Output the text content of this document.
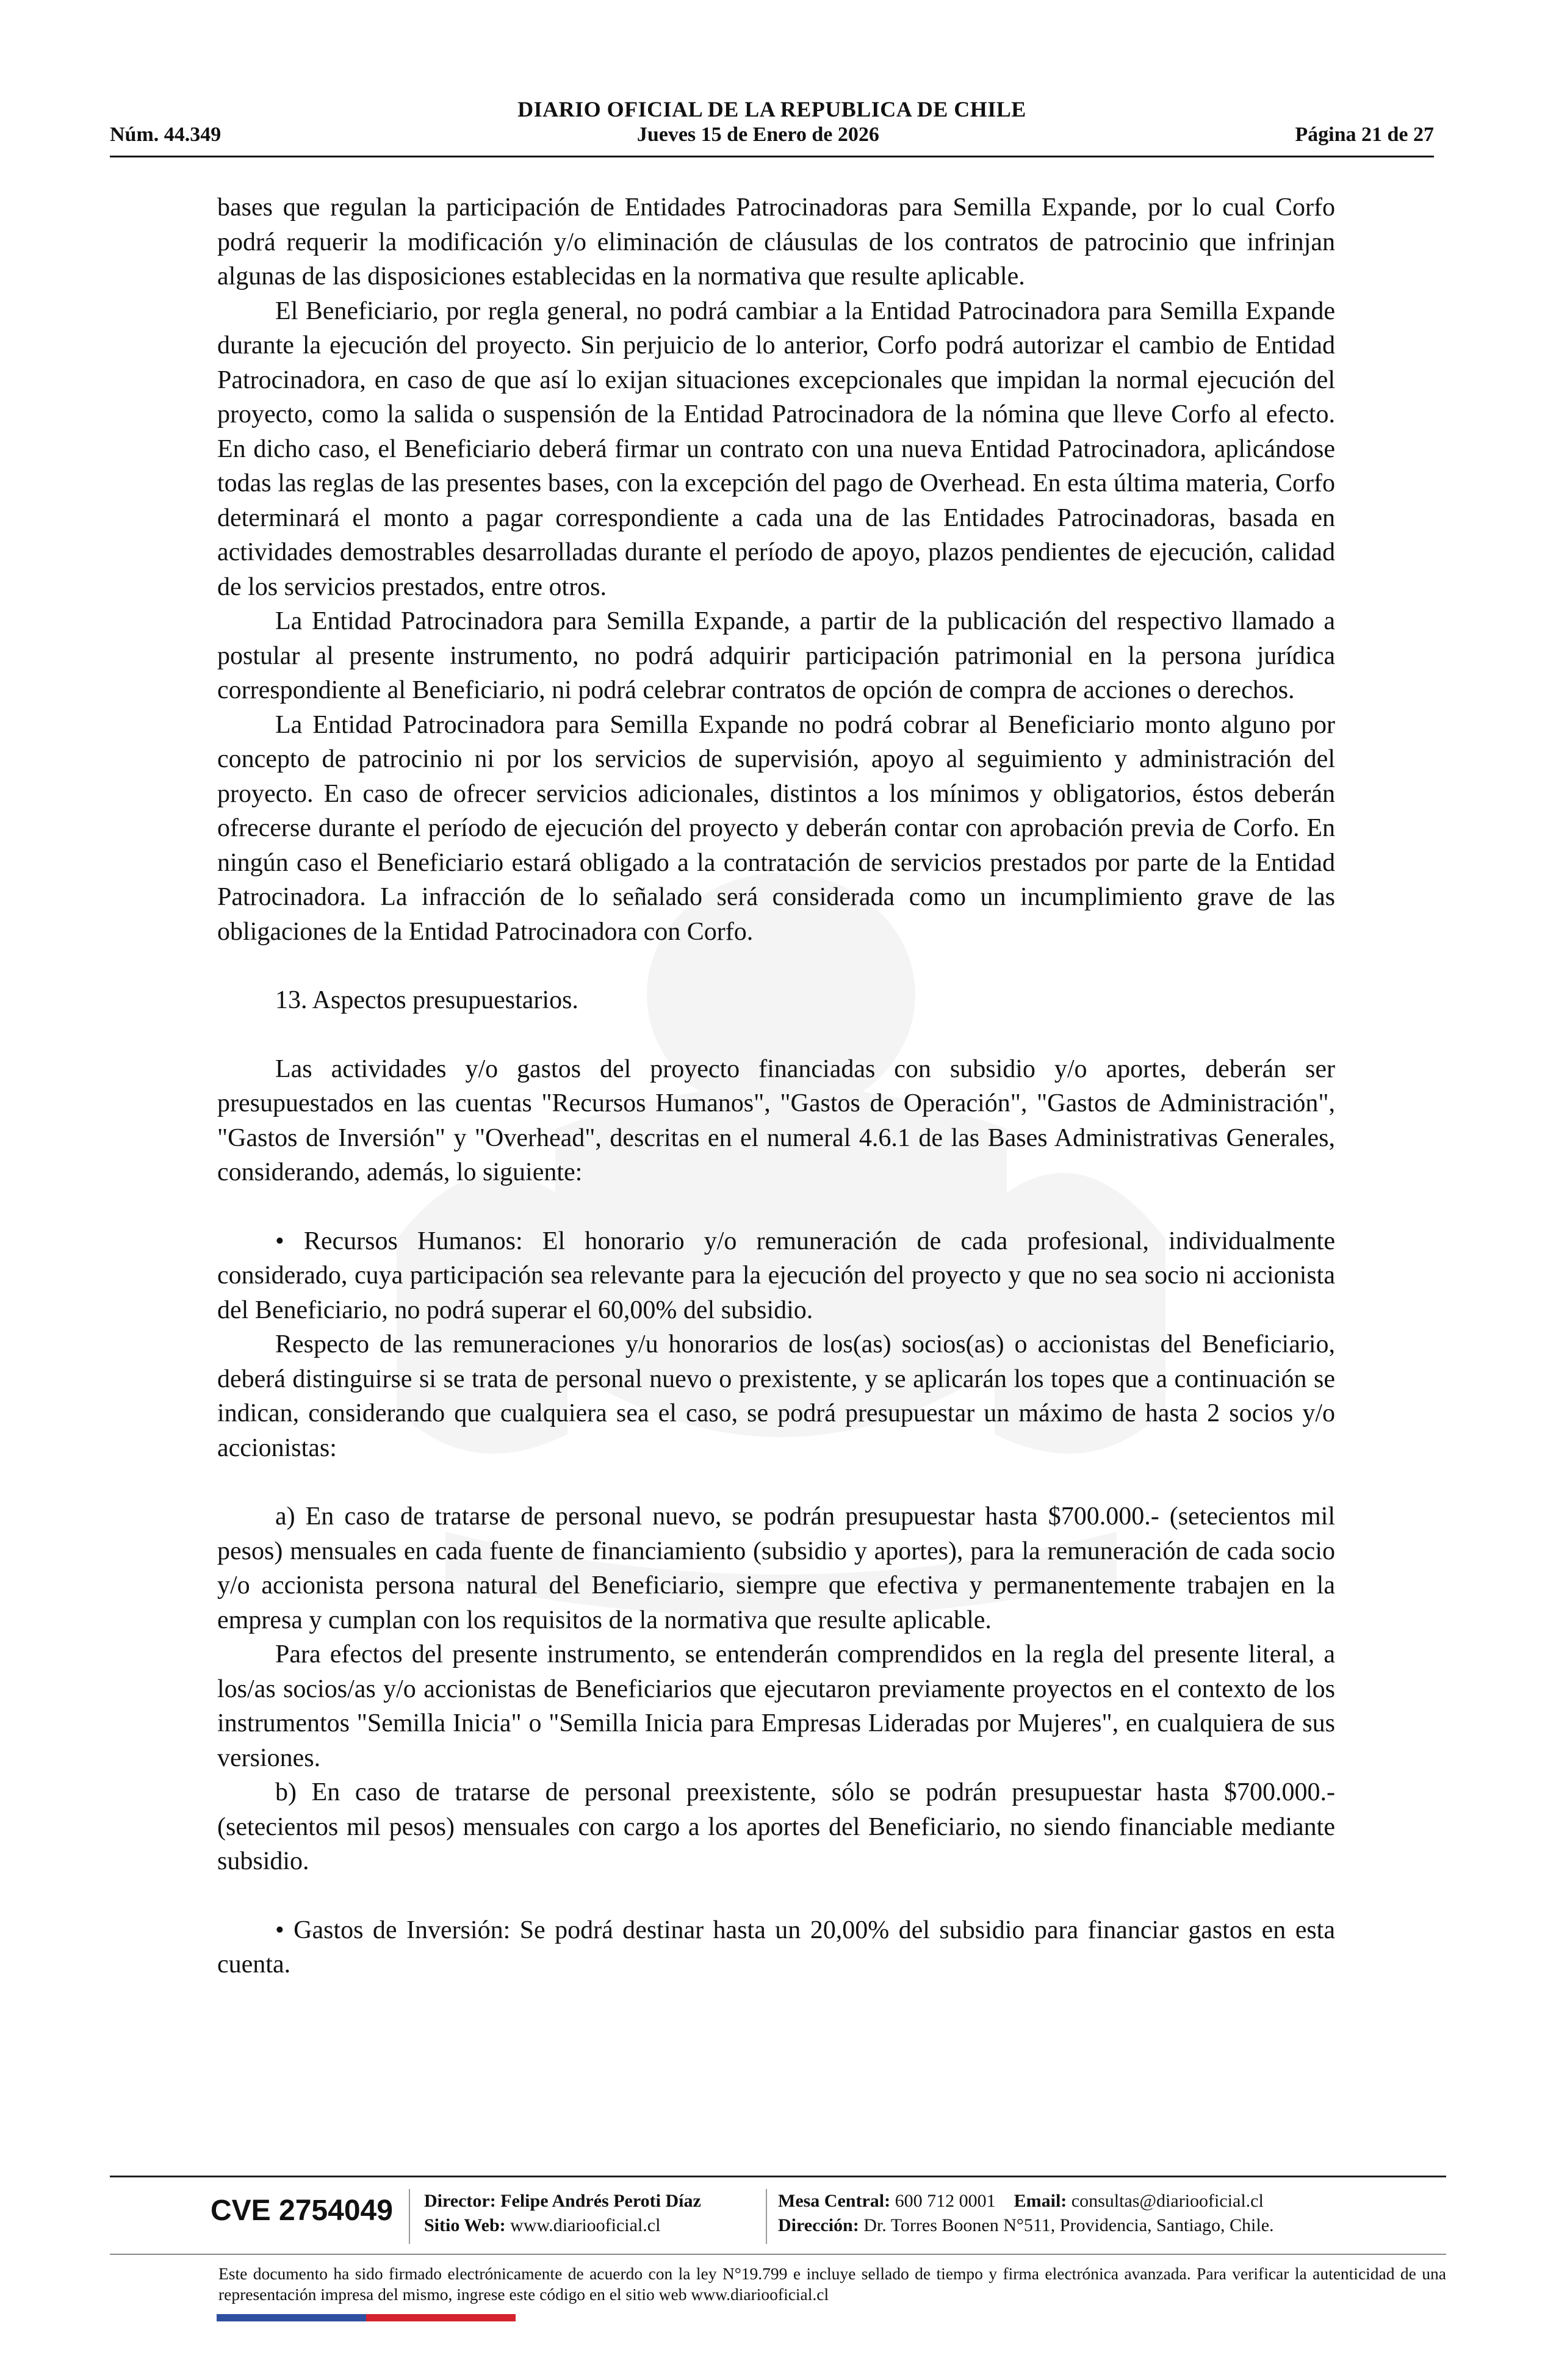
DIARIO OFICIAL DE LA REPUBLICA DE CHILE
Núm. 44.349	Jueves 15 de Enero de 2026	Página 21 de 27

bases que regulan la participación de Entidades Patrocinadoras para Semilla Expande, por lo cual Corfo podrá requerir la modificación y/o eliminación de cláusulas de los contratos de patrocinio que infrinjan algunas de las disposiciones establecidas en la normativa que resulte aplicable.

El Beneficiario, por regla general, no podrá cambiar a la Entidad Patrocinadora para Semilla Expande durante la ejecución del proyecto. Sin perjuicio de lo anterior, Corfo podrá autorizar el cambio de Entidad Patrocinadora, en caso de que así lo exijan situaciones excepcionales que impidan la normal ejecución del proyecto, como la salida o suspensión de la Entidad Patrocinadora de la nómina que lleve Corfo al efecto. En dicho caso, el Beneficiario deberá firmar un contrato con una nueva Entidad Patrocinadora, aplicándose todas las reglas de las presentes bases, con la excepción del pago de Overhead. En esta última materia, Corfo determinará el monto a pagar correspondiente a cada una de las Entidades Patrocinadoras, basada en actividades demostrables desarrolladas durante el período de apoyo, plazos pendientes de ejecución, calidad de los servicios prestados, entre otros.

La Entidad Patrocinadora para Semilla Expande, a partir de la publicación del respectivo llamado a postular al presente instrumento, no podrá adquirir participación patrimonial en la persona jurídica correspondiente al Beneficiario, ni podrá celebrar contratos de opción de compra de acciones o derechos.

La Entidad Patrocinadora para Semilla Expande no podrá cobrar al Beneficiario monto alguno por concepto de patrocinio ni por los servicios de supervisión, apoyo al seguimiento y administración del proyecto. En caso de ofrecer servicios adicionales, distintos a los mínimos y obligatorios, éstos deberán ofrecerse durante el período de ejecución del proyecto y deberán contar con aprobación previa de Corfo. En ningún caso el Beneficiario estará obligado a la contratación de servicios prestados por parte de la Entidad Patrocinadora. La infracción de lo señalado será considerada como un incumplimiento grave de las obligaciones de la Entidad Patrocinadora con Corfo.

13. Aspectos presupuestarios.

Las actividades y/o gastos del proyecto financiadas con subsidio y/o aportes, deberán ser presupuestados en las cuentas "Recursos Humanos", "Gastos de Operación", "Gastos de Administración", "Gastos de Inversión" y "Overhead", descritas en el numeral 4.6.1 de las Bases Administrativas Generales, considerando, además, lo siguiente:

• Recursos Humanos: El honorario y/o remuneración de cada profesional, individualmente considerado, cuya participación sea relevante para la ejecución del proyecto y que no sea socio ni accionista del Beneficiario, no podrá superar el 60,00% del subsidio.

Respecto de las remuneraciones y/u honorarios de los(as) socios(as) o accionistas del Beneficiario, deberá distinguirse si se trata de personal nuevo o prexistente, y se aplicarán los topes que a continuación se indican, considerando que cualquiera sea el caso, se podrá presupuestar un máximo de hasta 2 socios y/o accionistas:

a) En caso de tratarse de personal nuevo, se podrán presupuestar hasta $700.000.- (setecientos mil pesos) mensuales en cada fuente de financiamiento (subsidio y aportes), para la remuneración de cada socio y/o accionista persona natural del Beneficiario, siempre que efectiva y permanentemente trabajen en la empresa y cumplan con los requisitos de la normativa que resulte aplicable.

Para efectos del presente instrumento, se entenderán comprendidos en la regla del presente literal, a los/as socios/as y/o accionistas de Beneficiarios que ejecutaron previamente proyectos en el contexto de los instrumentos "Semilla Inicia" o "Semilla Inicia para Empresas Lideradas por Mujeres", en cualquiera de sus versiones.

b) En caso de tratarse de personal preexistente, sólo se podrán presupuestar hasta $700.000.- (setecientos mil pesos) mensuales con cargo a los aportes del Beneficiario, no siendo financiable mediante subsidio.

• Gastos de Inversión: Se podrá destinar hasta un 20,00% del subsidio para financiar gastos en esta cuenta.

CVE 2754049 Director: Felipe Andrés Peroti Díaz
Sitio Web: www.diariooficial.cl
Mesa Central: 600 712 0001 Email: consultas@diariooficial.cl
Dirección: Dr. Torres Boonen N°511, Providencia, Santiago, Chile.
Este documento ha sido firmado electrónicamente de acuerdo con la ley N°19.799 e incluye sellado de tiempo y firma electrónica avanzada. Para verificar la autenticidad de una representación impresa del mismo, ingrese este código en el sitio web www.diariooficial.cl
